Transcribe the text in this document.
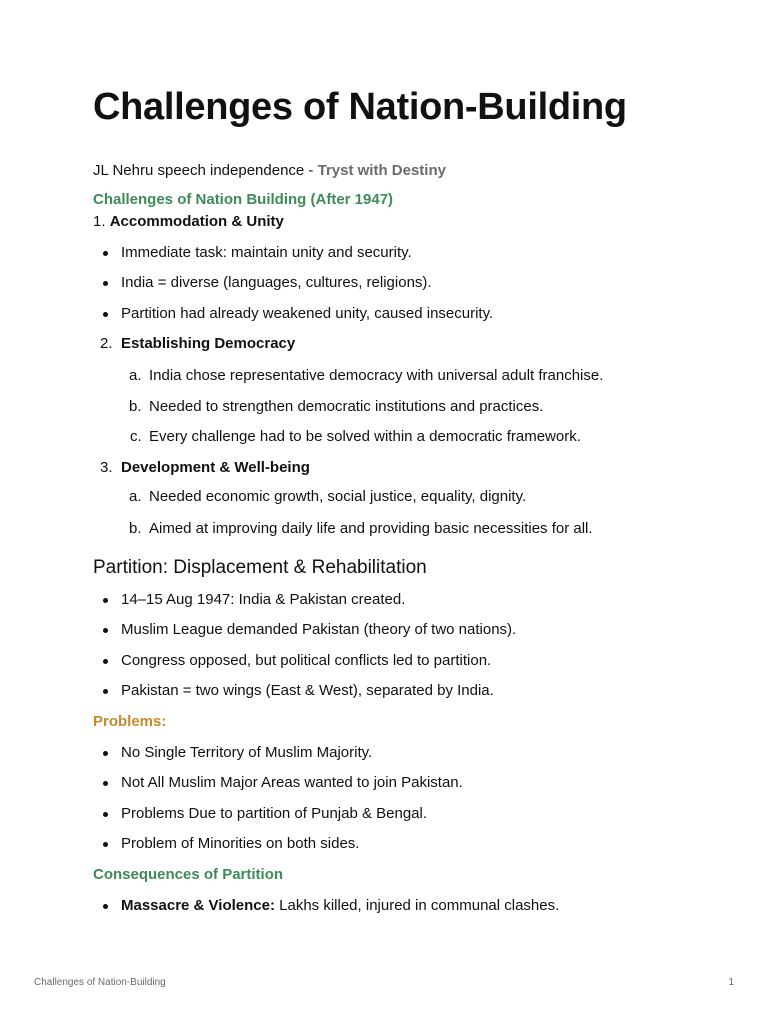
Challenges of Nation-Building
JL Nehru speech independence - Tryst with Destiny
Challenges of Nation Building (After 1947)
1. Accommodation & Unity
Immediate task: maintain unity and security.
India = diverse (languages, cultures, religions).
Partition had already weakened unity, caused insecurity.
2. Establishing Democracy
a. India chose representative democracy with universal adult franchise.
b. Needed to strengthen democratic institutions and practices.
c. Every challenge had to be solved within a democratic framework.
3. Development & Well-being
a. Needed economic growth, social justice, equality, dignity.
b. Aimed at improving daily life and providing basic necessities for all.
Partition: Displacement & Rehabilitation
14–15 Aug 1947: India & Pakistan created.
Muslim League demanded Pakistan (theory of two nations).
Congress opposed, but political conflicts led to partition.
Pakistan = two wings (East & West), separated by India.
Problems:
No Single Territory of Muslim Majority.
Not All Muslim Major Areas wanted to join Pakistan.
Problems Due to partition of Punjab & Bengal.
Problem of Minorities on both sides.
Consequences of Partition
Massacre & Violence: Lakhs killed, injured in communal clashes.
Challenges of Nation-Building	1
